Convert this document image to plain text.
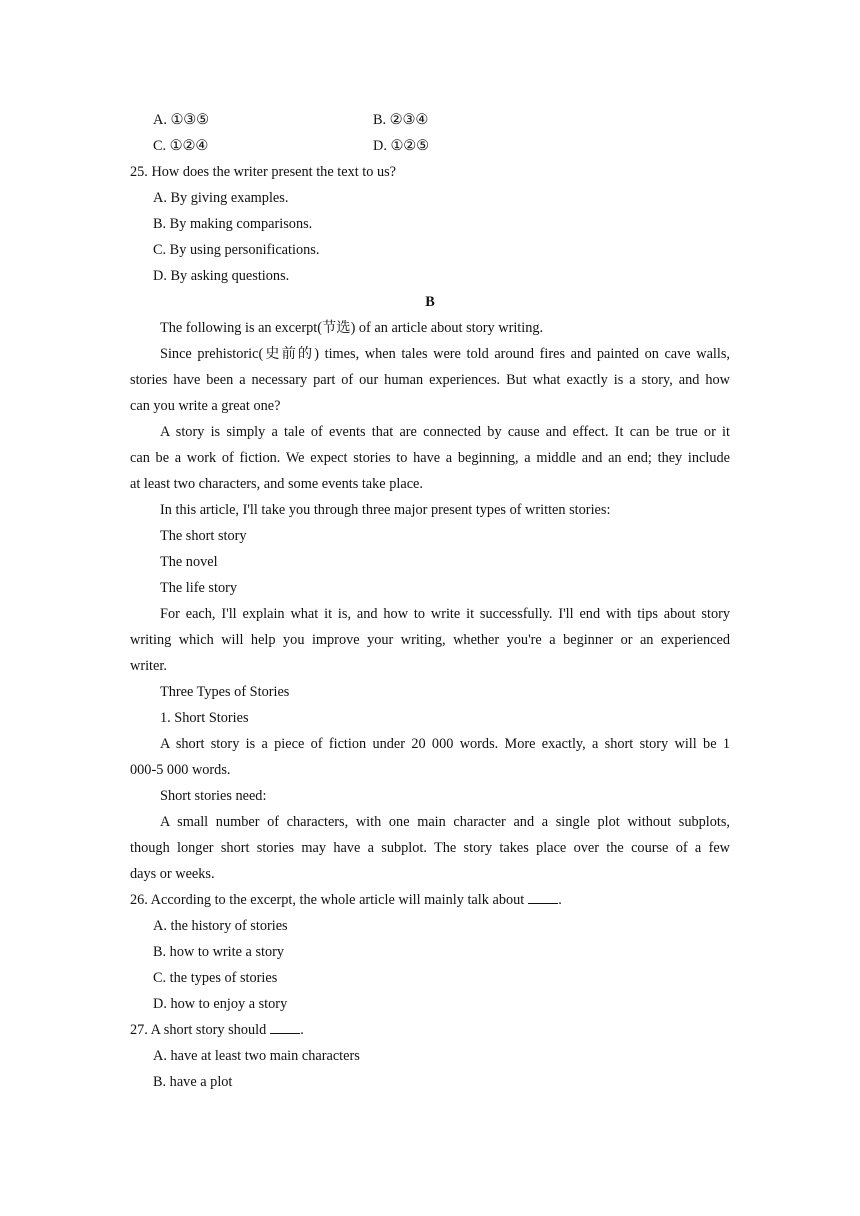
A. ①③⑤	B. ②③④
C. ①②④	D. ①②⑤
25. How does the writer present the text to us?
A. By giving examples.
B. By making comparisons.
C. By using personifications.
D. By asking questions.
B
The following is an excerpt(节选) of an article about story writing.
Since prehistoric(史前的) times, when tales were told around fires and painted on cave walls,
stories have been a necessary part of our human experiences. But what exactly is a story, and how
can you write a great one?
A story is simply a tale of events that are connected by cause and effect. It can be true or it
can be a work of fiction. We expect stories to have a beginning, a middle and an end; they include
at least two characters, and some events take place.
In this article, I'll take you through three major present types of written stories:
The short story
The novel
The life story
For each, I'll explain what it is, and how to write it successfully. I'll end with tips about story
writing which will help you improve your writing, whether you're a beginner or an experienced
writer.
Three Types of Stories
1. Short Stories
A short story is a piece of fiction under 20 000 words. More exactly, a short story will be 1
000-5 000 words.
Short stories need:
A small number of characters, with one main character and a single plot without subplots,
though longer short stories may have a subplot. The story takes place over the course of a few
days or weeks.
26. According to the excerpt, the whole article will mainly talk about .
A. the history of stories
B. how to write a story
C. the types of stories
D. how to enjoy a story
27. A short story should .
A. have at least two main characters
B. have a plot
